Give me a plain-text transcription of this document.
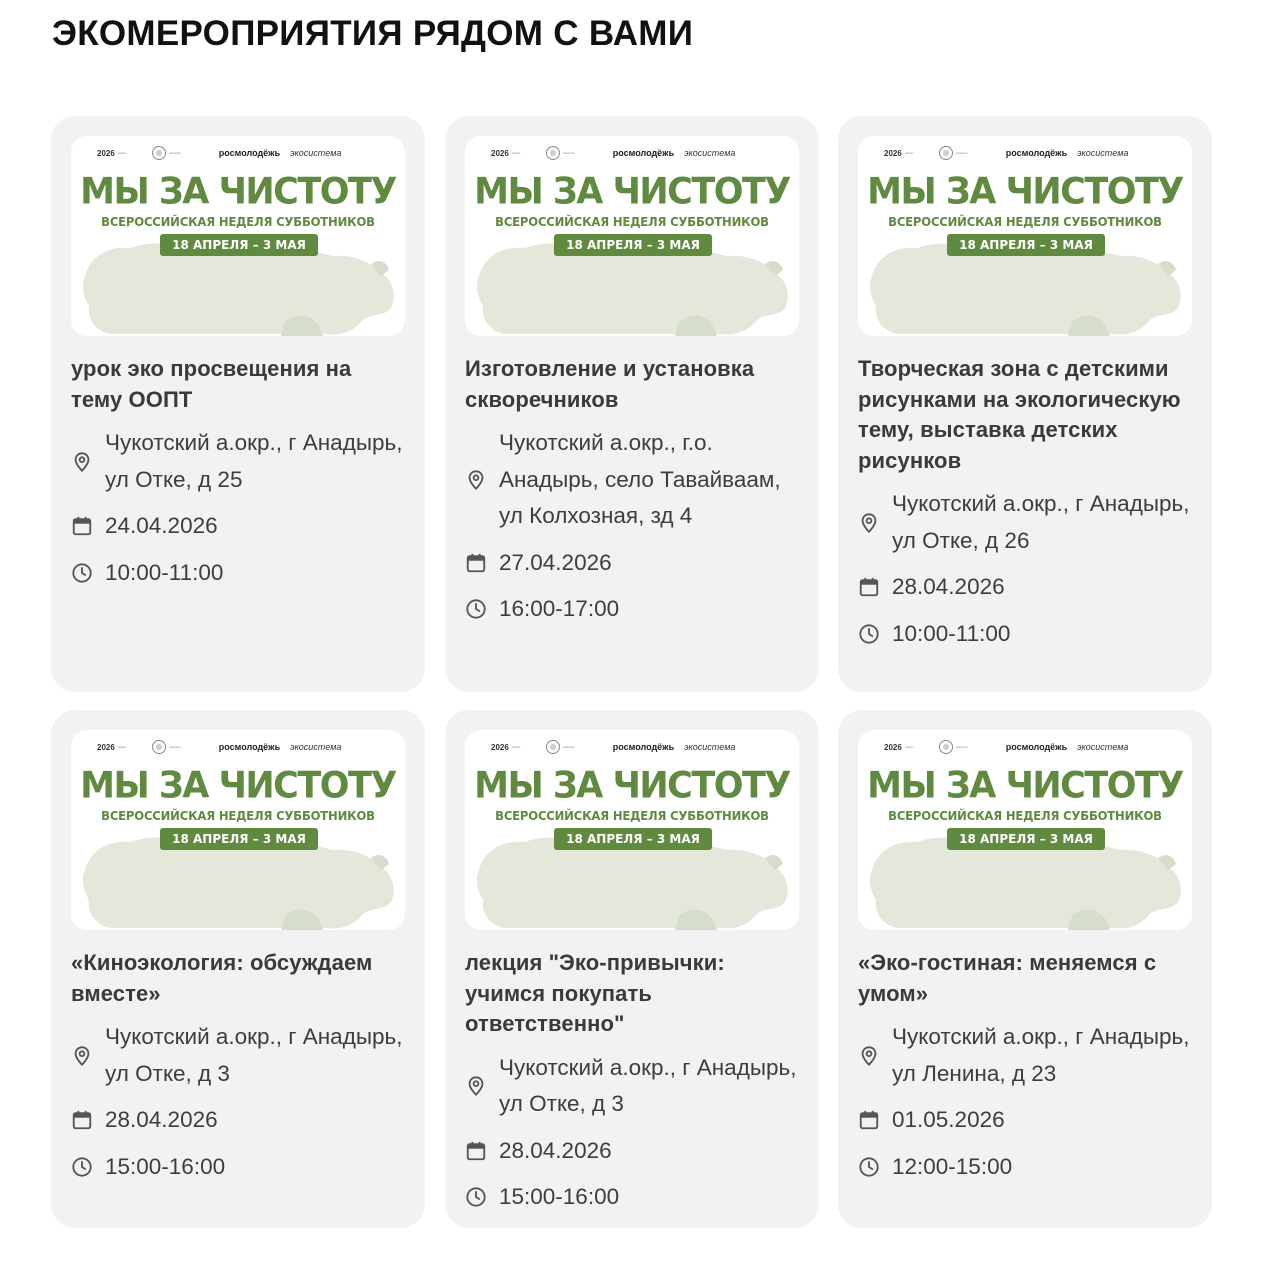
ЭКОМЕРОПРИЯТИЯ РЯДОМ С ВАМИ
2026 ▪▪▪▪▪▪▪▪	▪▪▪▪▪▪▪▪▪▪▪	росмолодёжь экосистема
МЫ ЗА ЧИСТОТУ
ВСЕРОССИЙСКАЯ НЕДЕЛЯ СУББОТНИКОВ
18 АПРЕЛЯ – 3 МАЯ
урок эко просвещения на тему ООПТ
Чукотский а.окр., г Анадырь, ул Отке, д 25
24.04.2026
10:00-11:00
2026 ▪▪▪▪▪▪▪▪	▪▪▪▪▪▪▪▪▪▪▪	росмолодёжь экосистема
МЫ ЗА ЧИСТОТУ
ВСЕРОССИЙСКАЯ НЕДЕЛЯ СУББОТНИКОВ
18 АПРЕЛЯ – 3 МАЯ
Изготовление и установка скворечников
Чукотский а.окр., г.о. Анадырь, село Тавайваам, ул Колхозная, зд 4
27.04.2026
16:00-17:00
2026 ▪▪▪▪▪▪▪▪	▪▪▪▪▪▪▪▪▪▪▪	росмолодёжь экосистема
МЫ ЗА ЧИСТОТУ
ВСЕРОССИЙСКАЯ НЕДЕЛЯ СУББОТНИКОВ
18 АПРЕЛЯ – 3 МАЯ
Творческая зона с детскими рисунками на экологическую тему, выставка детских рисунков
Чукотский а.окр., г Анадырь, ул Отке, д 26
28.04.2026
10:00-11:00
2026 ▪▪▪▪▪▪▪▪	▪▪▪▪▪▪▪▪▪▪▪	росмолодёжь экосистема
МЫ ЗА ЧИСТОТУ
ВСЕРОССИЙСКАЯ НЕДЕЛЯ СУББОТНИКОВ
18 АПРЕЛЯ – 3 МАЯ
«Киноэкология: обсуждаем вместе»
Чукотский а.окр., г Анадырь, ул Отке, д 3
28.04.2026
15:00-16:00
2026 ▪▪▪▪▪▪▪▪	▪▪▪▪▪▪▪▪▪▪▪	росмолодёжь экосистема
МЫ ЗА ЧИСТОТУ
ВСЕРОССИЙСКАЯ НЕДЕЛЯ СУББОТНИКОВ
18 АПРЕЛЯ – 3 МАЯ
лекция "Эко-привычки: учимся покупать ответственно"
Чукотский а.окр., г Анадырь, ул Отке, д 3
28.04.2026
15:00-16:00
2026 ▪▪▪▪▪▪▪▪	▪▪▪▪▪▪▪▪▪▪▪	росмолодёжь экосистема
МЫ ЗА ЧИСТОТУ
ВСЕРОССИЙСКАЯ НЕДЕЛЯ СУББОТНИКОВ
18 АПРЕЛЯ – 3 МАЯ
«Эко-гостиная: меняемся с умом»
Чукотский а.окр., г Анадырь, ул Ленина, д 23
01.05.2026
12:00-15:00
